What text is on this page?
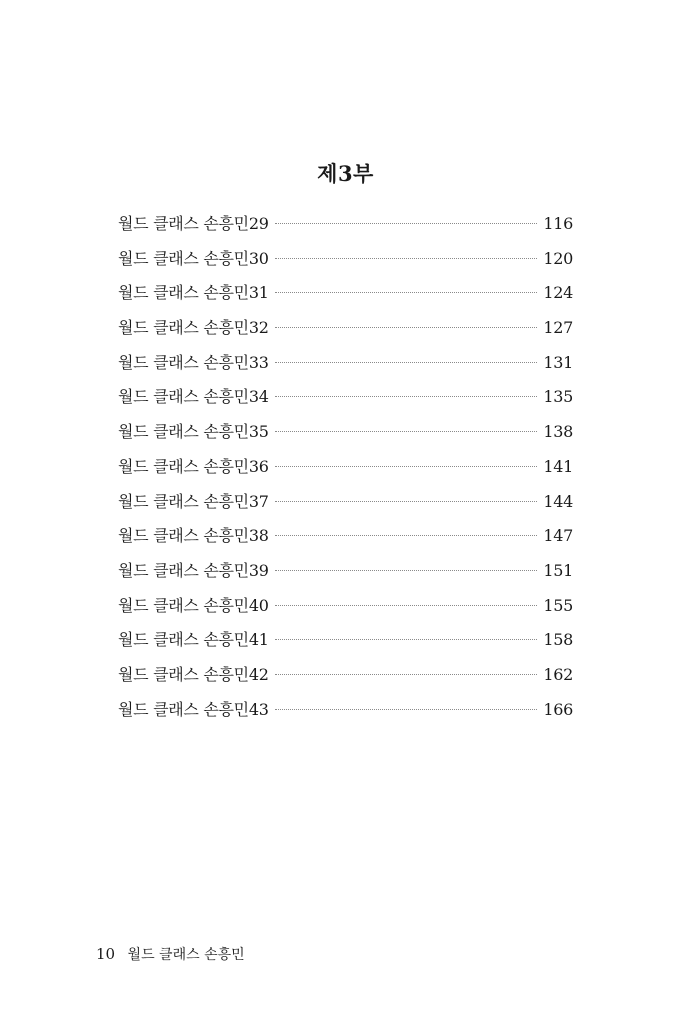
제3부
월드 클래스 손흥민29	116
월드 클래스 손흥민30	120
월드 클래스 손흥민31	124
월드 클래스 손흥민32	127
월드 클래스 손흥민33	131
월드 클래스 손흥민34	135
월드 클래스 손흥민35	138
월드 클래스 손흥민36	141
월드 클래스 손흥민37	144
월드 클래스 손흥민38	147
월드 클래스 손흥민39	151
월드 클래스 손흥민40	155
월드 클래스 손흥민41	158
월드 클래스 손흥민42	162
월드 클래스 손흥민43	166
10 월드 클래스 손흥민
